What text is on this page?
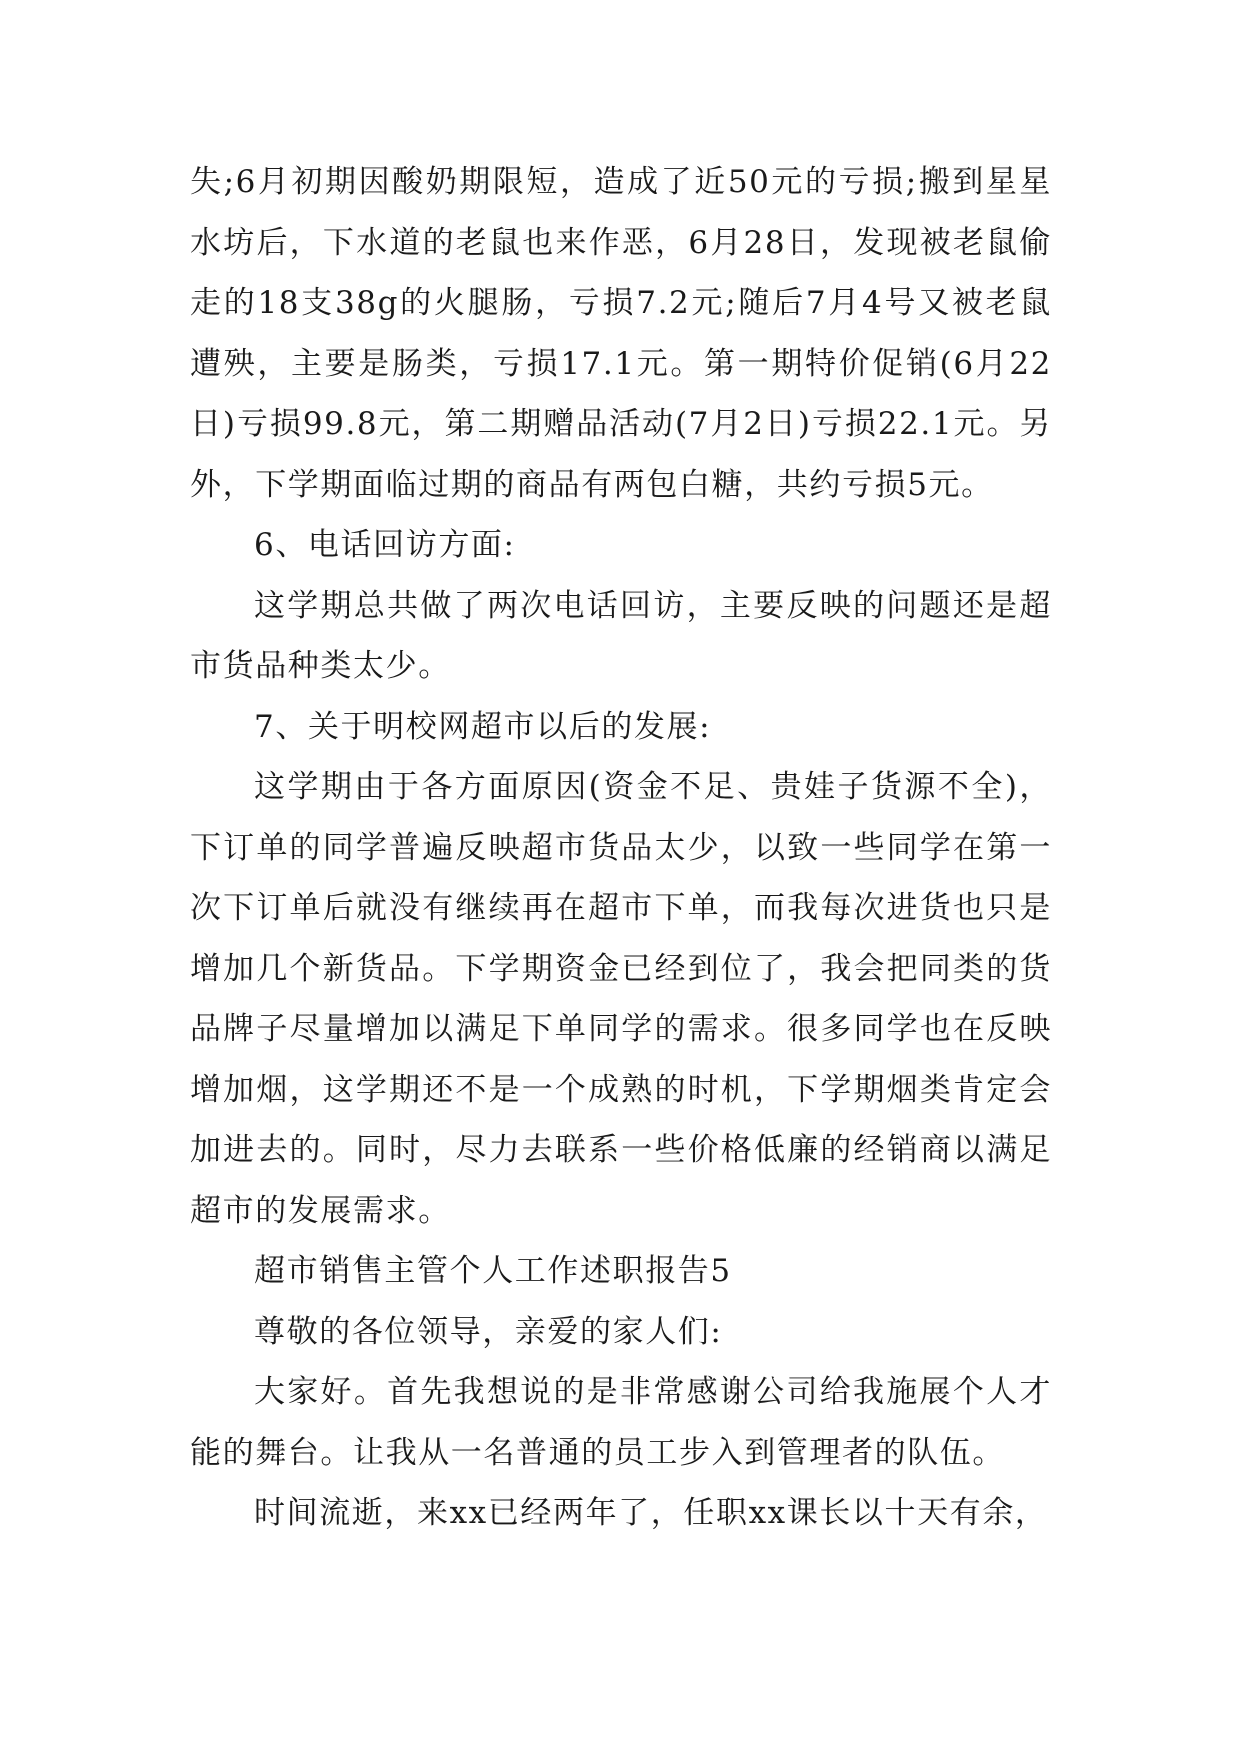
失;6月初期因酸奶期限短，造成了近50元的亏损;搬到星星水坊后，下水道的老鼠也来作恶，6月28日，发现被老鼠偷走的18支38g的火腿肠，亏损7.2元;随后7月4号又被老鼠遭殃，主要是肠类，亏损17.1元。第一期特价促销(6月22日)亏损99.8元，第二期赠品活动(7月2日)亏损22.1元。另外，下学期面临过期的商品有两包白糖，共约亏损5元。

6、电话回访方面:

这学期总共做了两次电话回访，主要反映的问题还是超市货品种类太少。

7、关于明校网超市以后的发展:

这学期由于各方面原因(资金不足、贵娃子货源不全)，下订单的同学普遍反映超市货品太少，以致一些同学在第一次下订单后就没有继续再在超市下单，而我每次进货也只是增加几个新货品。下学期资金已经到位了，我会把同类的货品牌子尽量增加以满足下单同学的需求。很多同学也在反映增加烟，这学期还不是一个成熟的时机，下学期烟类肯定会加进去的。同时，尽力去联系一些价格低廉的经销商以满足超市的发展需求。

超市销售主管个人工作述职报告5

尊敬的各位领导，亲爱的家人们:

大家好。首先我想说的是非常感谢公司给我施展个人才能的舞台。让我从一名普通的员工步入到管理者的队伍。

时间流逝，来xx已经两年了，任职xx课长以十天有余，
